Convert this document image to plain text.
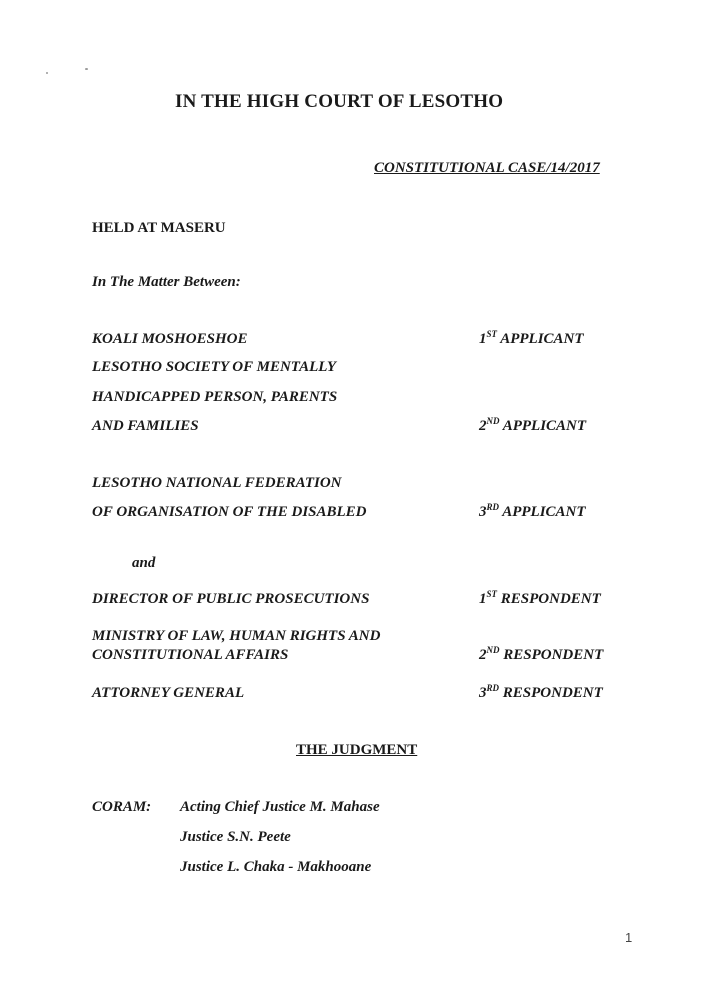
IN THE HIGH COURT OF LESOTHO
CONSTITUTIONAL CASE/14/2017
HELD AT MASERU
In The Matter Between:
KOALI MOSHOESHOE	1ST APPLICANT
LESOTHO SOCIETY OF MENTALLY
HANDICAPPED PERSON, PARENTS
AND FAMILIES	2ND APPLICANT
LESOTHO NATIONAL FEDERATION
OF ORGANISATION OF THE DISABLED	3RD APPLICANT
and
DIRECTOR OF PUBLIC PROSECUTIONS	1ST RESPONDENT
MINISTRY OF LAW, HUMAN RIGHTS AND
CONSTITUTIONAL AFFAIRS	2ND RESPONDENT
ATTORNEY GENERAL	3RD RESPONDENT
THE JUDGMENT
CORAM: Acting Chief Justice M. Mahase
Justice S.N. Peete
Justice L. Chaka - Makhooane
1
